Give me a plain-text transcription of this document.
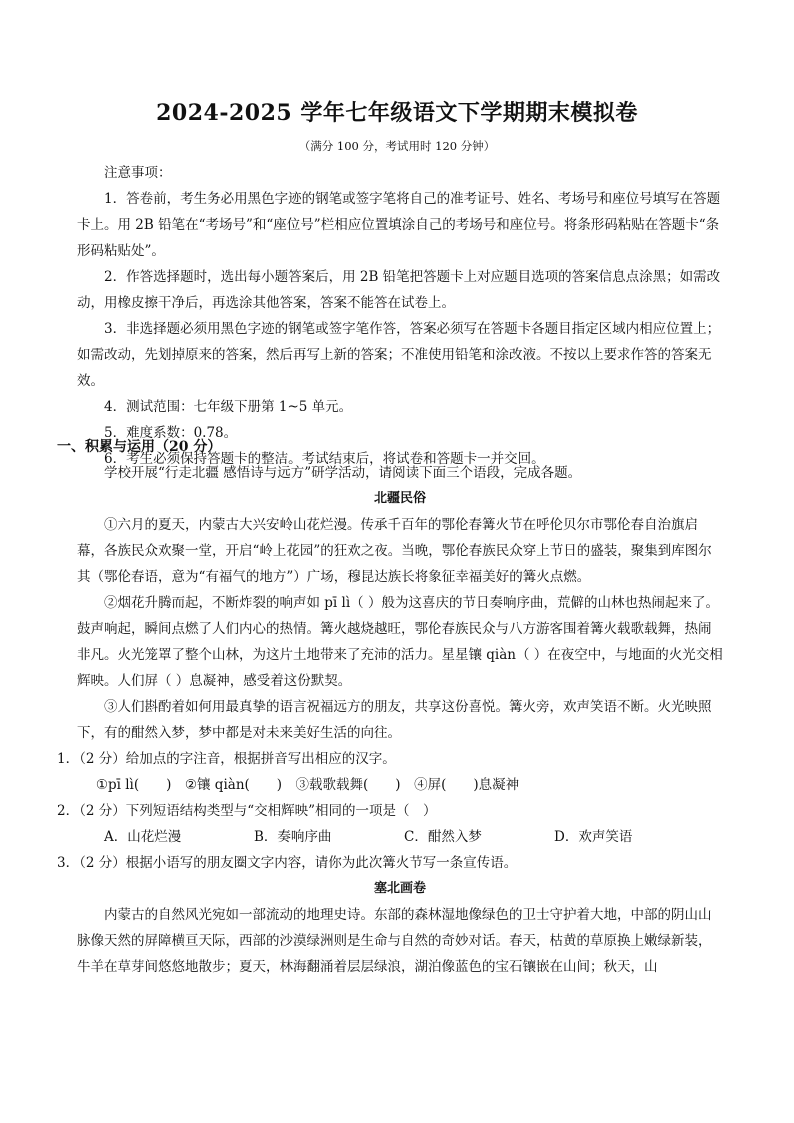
2024-2025 学年七年级语文下学期期末模拟卷
（满分 100 分，考试用时 120 分钟）

注意事项：

1．答卷前，考生务必用黑色字迹的钢笔或签字笔将自己的准考证号、姓名、考场号和座位号填写在答题卡上。用 2B 铅笔在“考场号”和“座位号”栏相应位置填涂自己的考场号和座位号。将条形码粘贴在答题卡“条形码粘贴处”。

2．作答选择题时，选出每小题答案后，用 2B 铅笔把答题卡上对应题目选项的答案信息点涂黑；如需改动，用橡皮擦干净后，再选涂其他答案，答案不能答在试卷上。

3．非选择题必须用黑色字迹的钢笔或签字笔作答，答案必须写在答题卡各题目指定区域内相应位置上；如需改动，先划掉原来的答案，然后再写上新的答案；不准使用铅笔和涂改液。不按以上要求作答的答案无效。

4．测试范围：七年级下册第 1~5 单元。

5．难度系数：0.78。

6．考生必须保持答题卡的整洁。考试结束后，将试卷和答题卡一并交回。

一、积累与运用（20 分）

学校开展“行走北疆 感悟诗与远方”研学活动，请阅读下面三个语段，完成各题。

北疆民俗

①六月的夏天，内蒙古大兴安岭山花烂漫。传承千百年的鄂伦春篝火节在呼伦贝尔市鄂伦春自治旗启幕，各族民众欢聚一堂，开启“岭上花园”的狂欢之夜。当晚，鄂伦春族民众穿上节日的盛装，聚集到库图尔其（鄂伦春语，意为“有福气的地方”）广场，穆昆达族长将象征幸福美好的篝火点燃。

②烟花升腾而起，不断炸裂的响声如 pī lì（ ）般为这喜庆的节日奏响序曲，荒僻的山林也热闹起来了。鼓声响起，瞬间点燃了人们内心的热情。篝火越烧越旺，鄂伦春族民众与八方游客围着篝火载歌载舞，热闹非凡。火光笼罩了整个山林，为这片土地带来了充沛的活力。星星镶 qiàn（ ）在夜空中，与地面的火光交相辉映。人们屏（ ）息凝神，感受着这份默契。

③人们斟酌着如何用最真挚的语言祝福远方的朋友，共享这份喜悦。篝火旁，欢声笑语不断。火光映照下，有的酣然入梦，梦中都是对未来美好生活的向往。

1．（2 分）给加点的字注音，根据拼音写出相应的汉字。

①pī lì(　　)　②镶 qiàn(　　)　③载歌载舞(　　)　④屏(　　)息凝神

2．（2 分）下列短语结构类型与“交相辉映”相同的一项是（　）

A．山花烂漫	B．奏响序曲	C．酣然入梦	D．欢声笑语

3．（2 分）根据小语写的朋友圈文字内容，请你为此次篝火节写一条宣传语。

塞北画卷

内蒙古的自然风光宛如一部流动的地理史诗。东部的森林湿地像绿色的卫士守护着大地，中部的阴山山脉像天然的屏障横亘天际，西部的沙漠绿洲则是生命与自然的奇妙对话。春天，枯黄的草原换上嫩绿新装，牛羊在草芽间悠悠地散步；夏天，林海翻涌着层层绿浪，湖泊像蓝色的宝石镶嵌在山间；秋天，山
